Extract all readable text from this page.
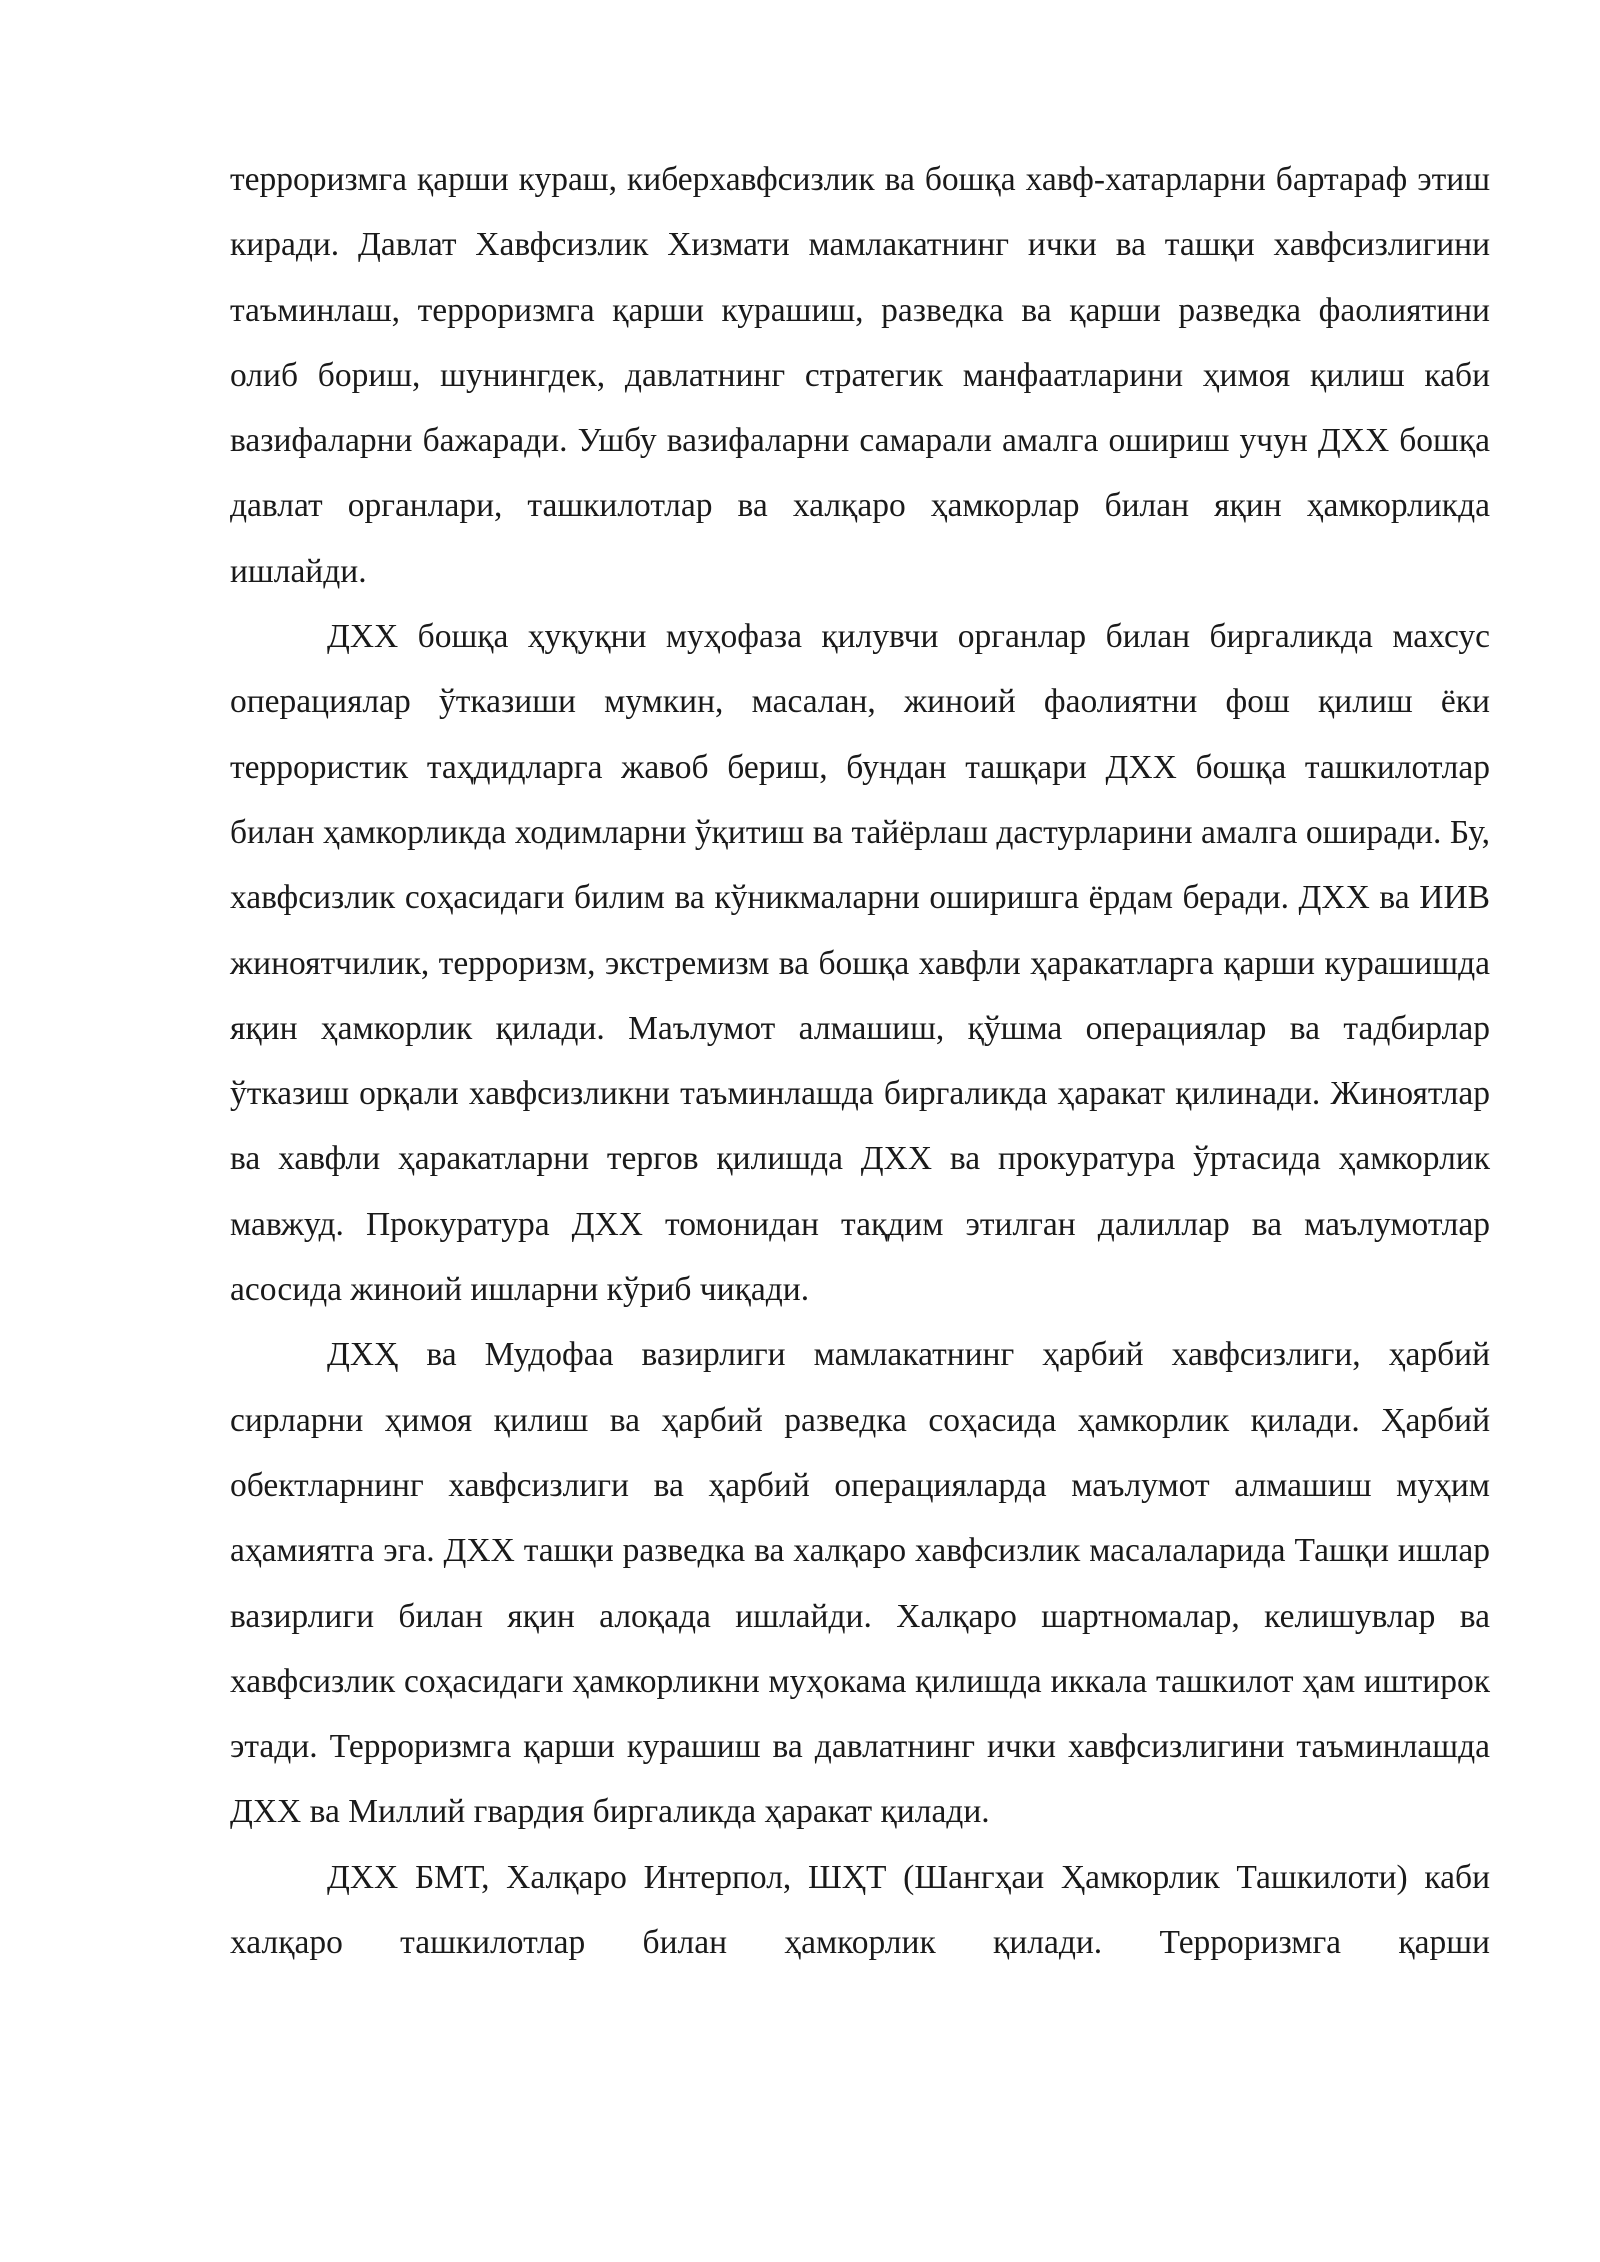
терроризмга қарши кураш, киберхавфсизлик ва бошқа хавф-хатарларни бартараф этиш киради. Давлат Хавфсизлик Хизмати мамлакатнинг ички ва ташқи хавфсизлигини таъминлаш, терроризмга қарши курашиш, разведка ва қарши разведка фаолиятини олиб бориш, шунингдек, давлатнинг стратегик манфаатларини ҳимоя қилиш каби вазифаларни бажаради. Ушбу вазифаларни самарали амалга ошириш учун ДХХ бошқа давлат органлари, ташкилотлар ва халқаро ҳамкорлар билан яқин ҳамкорликда ишлайди.

ДХХ бошқа ҳуқуқни муҳофаза қилувчи органлар билан биргаликда махсус операциялар ўтказиши мумкин, масалан, жиноий фаолиятни фош қилиш ёки террористик таҳдидларга жавоб бериш, бундан ташқари ДХХ бошқа ташкилотлар билан ҳамкорликда ходимларни ўқитиш ва тайёрлаш дастурларини амалга оширади. Бу, хавфсизлик соҳасидаги билим ва кўникмаларни оширишга ёрдам беради. ДХХ ва ИИВ жиноятчилик, терроризм, экстремизм ва бошқа хавфли ҳаракатларга қарши курашишда яқин ҳамкорлик қилади. Маълумот алмашиш, қўшма операциялар ва тадбирлар ўтказиш орқали хавфсизликни таъминлашда биргаликда ҳаракат қилинади. Жиноятлар ва хавфли ҳаракатларни тергов қилишда ДХХ ва прокуратура ўртасида ҳамкорлик мавжуд. Прокуратура ДХХ томонидан тақдим этилган далиллар ва маълумотлар асосида жиноий ишларни кўриб чиқади.

ДХҲ ва Мудофаа вазирлиги мамлакатнинг ҳарбий хавфсизлиги, ҳарбий сирларни ҳимоя қилиш ва ҳарбий разведка соҳасида ҳамкорлик қилади. Ҳарбий обектларнинг хавфсизлиги ва ҳарбий операцияларда маълумот алмашиш муҳим аҳамиятга эга. ДХХ ташқи разведка ва халқаро хавфсизлик масалаларида Ташқи ишлар вазирлиги билан яқин алоқада ишлайди. Халқаро шартномалар, келишувлар ва хавфсизлик соҳасидаги ҳамкорликни муҳокама қилишда иккала ташкилот ҳам иштирок этади. Терроризмга қарши курашиш ва давлатнинг ички хавфсизлигини таъминлашда ДХХ ва Миллий гвардия биргаликда ҳаракат қилади.

ДХХ БМТ, Халқаро Интерпол, ШҲТ (Шангҳаи Ҳамкорлик Ташкилоти) каби халқаро ташкилотлар билан ҳамкорлик қилади. Терроризмга қарши
